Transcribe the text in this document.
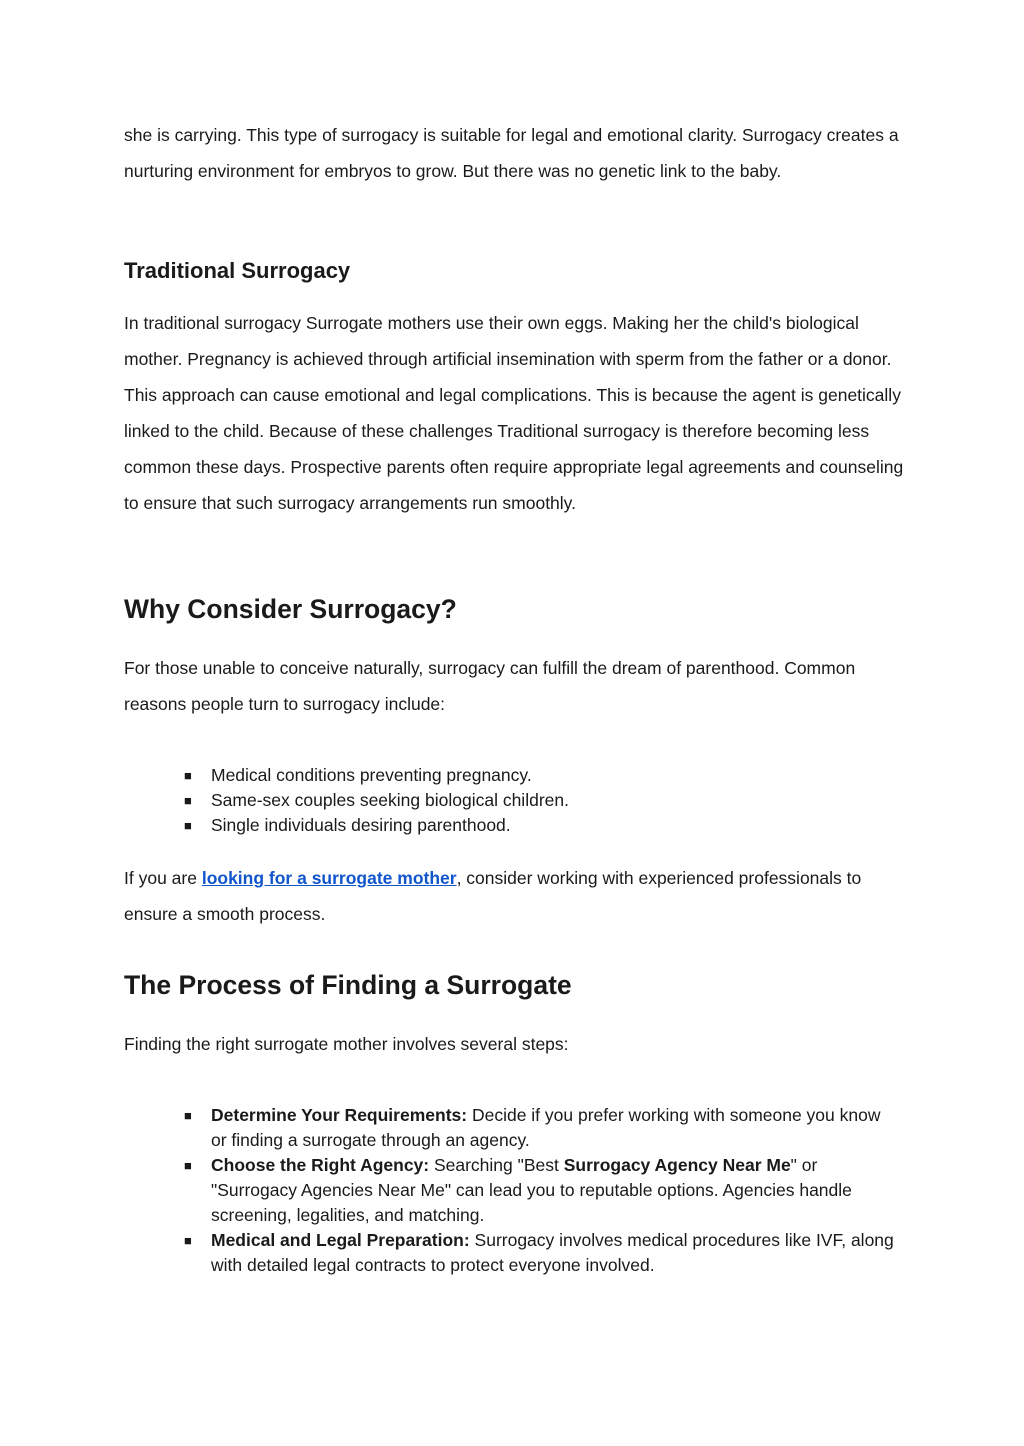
she is carrying. This type of surrogacy is suitable for legal and emotional clarity. Surrogacy creates a nurturing environment for embryos to grow. But there was no genetic link to the baby.

Traditional Surrogacy

In traditional surrogacy Surrogate mothers use their own eggs. Making her the child's biological mother. Pregnancy is achieved through artificial insemination with sperm from the father or a donor. This approach can cause emotional and legal complications. This is because the agent is genetically linked to the child. Because of these challenges Traditional surrogacy is therefore becoming less common these days. Prospective parents often require appropriate legal agreements and counseling to ensure that such surrogacy arrangements run smoothly.

Why Consider Surrogacy?

For those unable to conceive naturally, surrogacy can fulfill the dream of parenthood. Common reasons people turn to surrogacy include:

■ Medical conditions preventing pregnancy.
■ Same-sex couples seeking biological children.
■ Single individuals desiring parenthood.

If you are looking for a surrogate mother, consider working with experienced professionals to ensure a smooth process.

The Process of Finding a Surrogate

Finding the right surrogate mother involves several steps:

■ Determine Your Requirements: Decide if you prefer working with someone you know or finding a surrogate through an agency.
■ Choose the Right Agency: Searching "Best Surrogacy Agency Near Me" or "Surrogacy Agencies Near Me" can lead you to reputable options. Agencies handle screening, legalities, and matching.
■ Medical and Legal Preparation: Surrogacy involves medical procedures like IVF, along with detailed legal contracts to protect everyone involved.
